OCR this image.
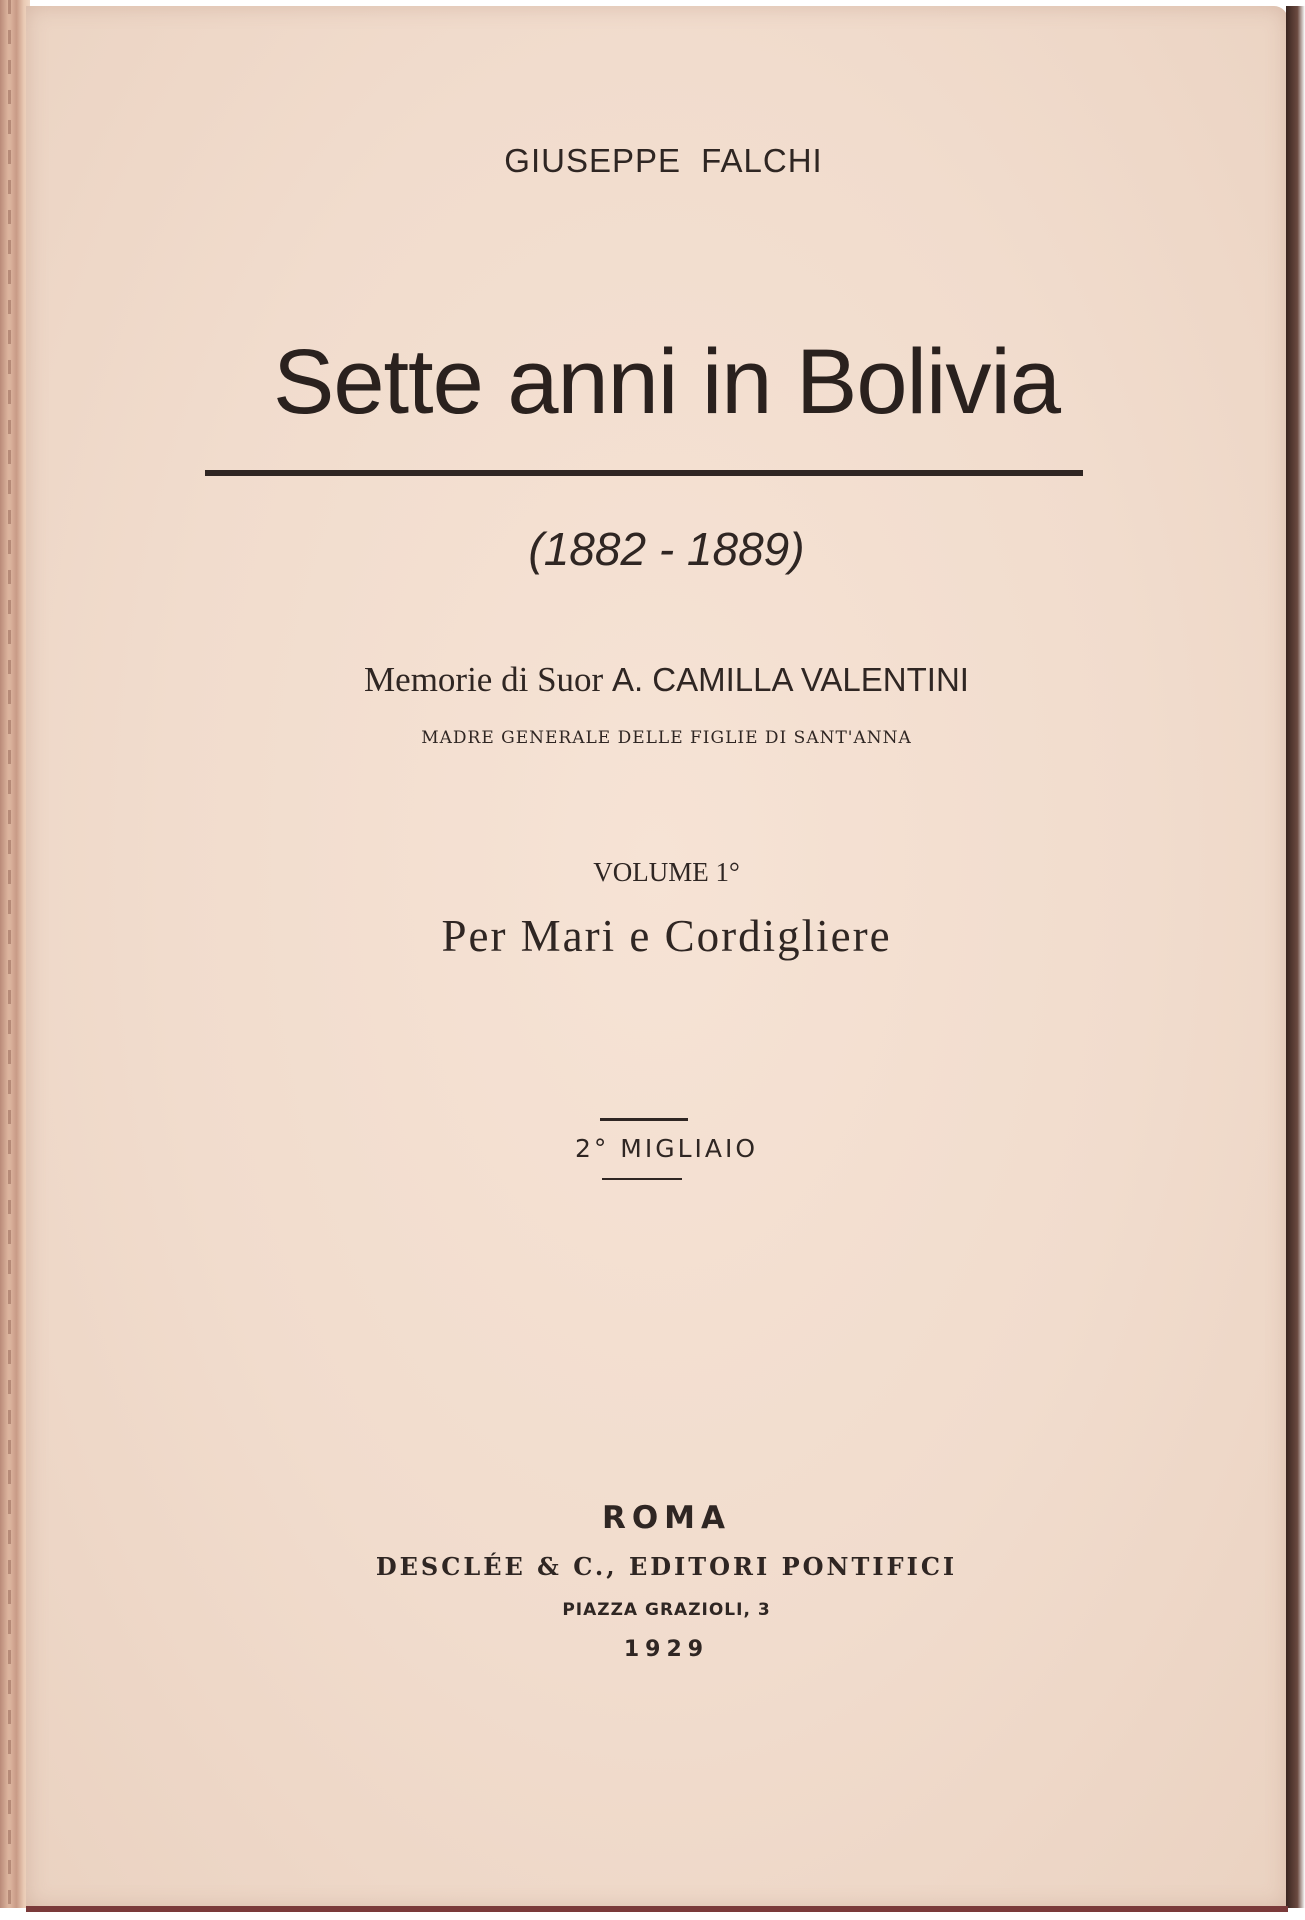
GIUSEPPE FALCHI
Sette anni in Bolivia
(1882 - 1889)
Memorie di Suor A. CAMILLA VALENTINI
MADRE GENERALE DELLE FIGLIE DI SANT'ANNA
VOLUME 1°
Per Mari e Cordigliere
2° MIGLIAIO
ROMA
DESCLÉE & C., EDITORI PONTIFICI
PIAZZA GRAZIOLI, 3
1929
